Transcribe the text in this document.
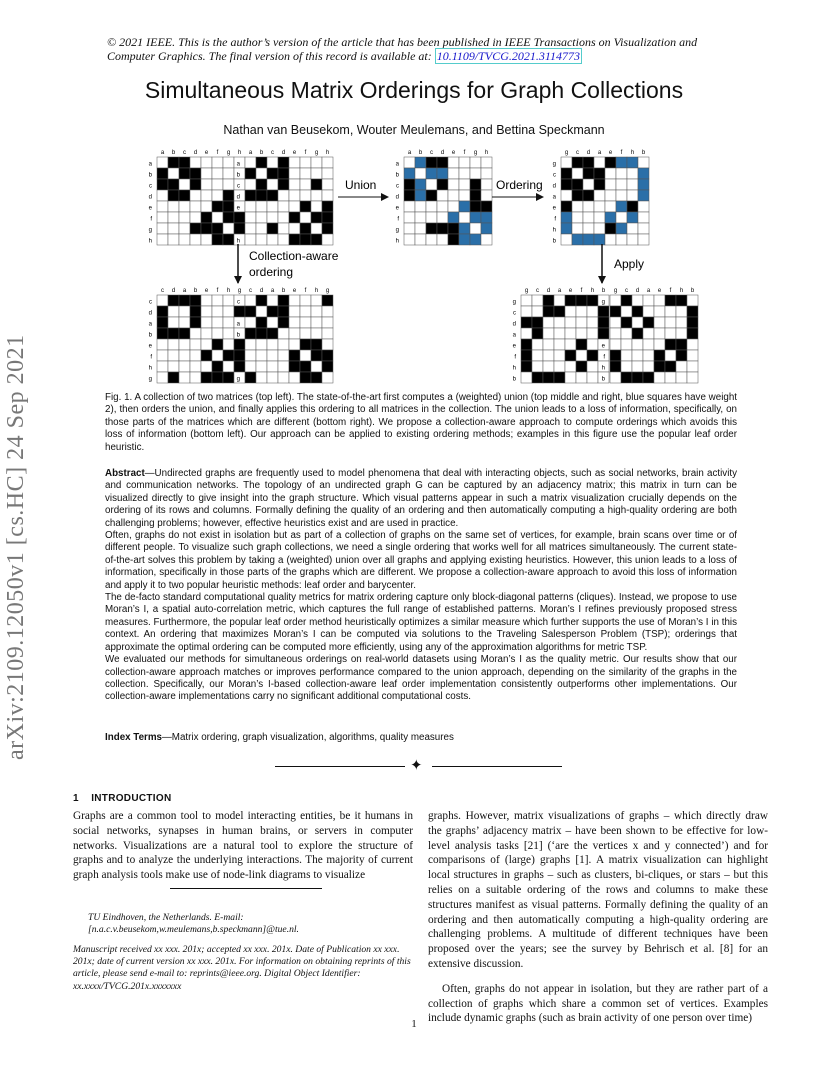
© 2021 IEEE. This is the author’s version of the article that has been published in IEEE Transactions on Visualization and Computer Graphics. The final version of this record is available at: 10.1109/TVCG.2021.3114773
Simultaneous Matrix Orderings for Graph Collections
Nathan van Beusekom, Wouter Meulemans, and Bettina Speckmann
arXiv:2109.12050v1 [cs.HC] 24 Sep 2021
a
a
b
b
c
c
d
d
e
e
f
f
g
g
h
h
a
a
b
b
c
c
d
d
e
e
f
f
g
g
h
h
a
a
b
b
c
c
d
d
e
e
f
f
g
g
h
h
g
g
c
c
d
d
a
a
e
e
f
f
h
h
b
b
c
c
d
d
a
a
b
b
e
e
f
f
h
h
g
g
c
c
d
d
a
a
b
b
e
e
f
f
h
h
g
g
g
g
c
c
d
d
a
a
e
e
f
f
h
h
b
b
g
g
c
c
d
d
a
a
e
e
f
f
h
h
b
b
Union	Ordering
Collection-aware
ordering
Apply
Fig. 1. A collection of two matrices (top left). The state-of-the-art first computes a (weighted) union (top middle and right, blue squares have weight 2), then orders the union, and finally applies this ordering to all matrices in the collection. The union leads to a loss of information, specifically, on those parts of the matrices which are different (bottom right). We propose a collection-aware approach to compute orderings which avoids this loss of information (bottom left). Our approach can be applied to existing ordering methods; examples in this figure use the popular leaf order heuristic.

Abstract—Undirected graphs are frequently used to model phenomena that deal with interacting objects, such as social networks, brain activity and communication networks. The topology of an undirected graph G can be captured by an adjacency matrix; this matrix in turn can be visualized directly to give insight into the graph structure. Which visual patterns appear in such a matrix visualization crucially depends on the ordering of its rows and columns. Formally defining the quality of an ordering and then automatically computing a high-quality ordering are both challenging problems; however, effective heuristics exist and are used in practice.

Often, graphs do not exist in isolation but as part of a collection of graphs on the same set of vertices, for example, brain scans over time or of different people. To visualize such graph collections, we need a single ordering that works well for all matrices simultaneously. The current state-of-the-art solves this problem by taking a (weighted) union over all graphs and applying existing heuristics. However, this union leads to a loss of information, specifically in those parts of the graphs which are different. We propose a collection-aware approach to avoid this loss of information and apply it to two popular heuristic methods: leaf order and barycenter.

The de-facto standard computational quality metrics for matrix ordering capture only block-diagonal patterns (cliques). Instead, we propose to use Moran’s I, a spatial auto-correlation metric, which captures the full range of established patterns. Moran’s I refines previously proposed stress measures. Furthermore, the popular leaf order method heuristically optimizes a similar measure which further supports the use of Moran’s I in this context. An ordering that maximizes Moran’s I can be computed via solutions to the Traveling Salesperson Problem (TSP); orderings that approximate the optimal ordering can be computed more efficiently, using any of the approximation algorithms for metric TSP.

We evaluated our methods for simultaneous orderings on real-world datasets using Moran’s I as the quality metric. Our results show that our collection-aware approach matches or improves performance compared to the union approach, depending on the similarity of the graphs in the collection. Specifically, our Moran’s I-based collection-aware leaf order implementation consistently outperforms other implementations. Our collection-aware implementations carry no significant additional computational costs.

Index Terms—Matrix ordering, graph visualization, algorithms, quality measures
✦
1 INTRODUCTION
Graphs are a common tool to model interacting entities, be it humans in social networks, synapses in human brains, or servers in computer networks. Visualizations are a natural tool to explore the structure of graphs and to analyze the underlying interactions. The majority of current graph analysis tools make use of node-link diagrams to visualize
TU Eindhoven, the Netherlands. E-mail: [n.a.c.v.beusekom,w.meulemans,b.speckmann]@tue.nl.
Manuscript received xx xxx. 201x; accepted xx xxx. 201x. Date of Publication xx xxx. 201x; date of current version xx xxx. 201x. For information on obtaining reprints of this article, please send e-mail to: reprints@ieee.org. Digital Object Identifier: xx.xxxx/TVCG.201x.xxxxxxx

graphs. However, matrix visualizations of graphs – which directly draw the graphs’ adjacency matrix – have been shown to be effective for low-level analysis tasks [21] (‘are the vertices x and y connected’) and for comparisons of (large) graphs [1]. A matrix visualization can highlight local structures in graphs – such as clusters, bi-cliques, or stars – but this relies on a suitable ordering of the rows and columns to make these structures manifest as visual patterns. Formally defining the quality of an ordering and then automatically computing a high-quality ordering are challenging problems. A multitude of different techniques have been proposed over the years; see the survey by Behrisch et al. [8] for an extensive discussion.

Often, graphs do not appear in isolation, but they are rather part of a collection of graphs which share a common set of vertices. Examples include dynamic graphs (such as brain activity of one person over time)

1
